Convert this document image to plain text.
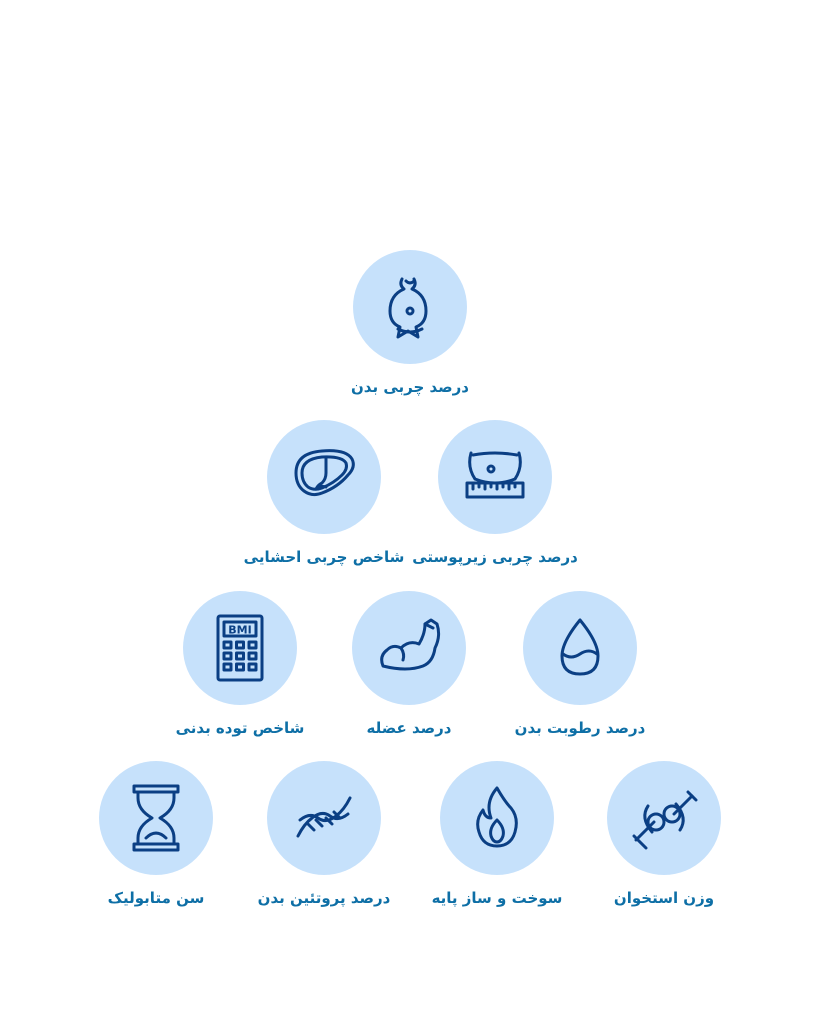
درصد چربی بدن
درصد چربی زیرپوستی
شاخص چربی احشایی
درصد رطوبت بدن
درصد عضله
BMI
شاخص توده بدنی
وزن استخوان
سوخت و ساز پایه
درصد پروتئین بدن
سن متابولیک
